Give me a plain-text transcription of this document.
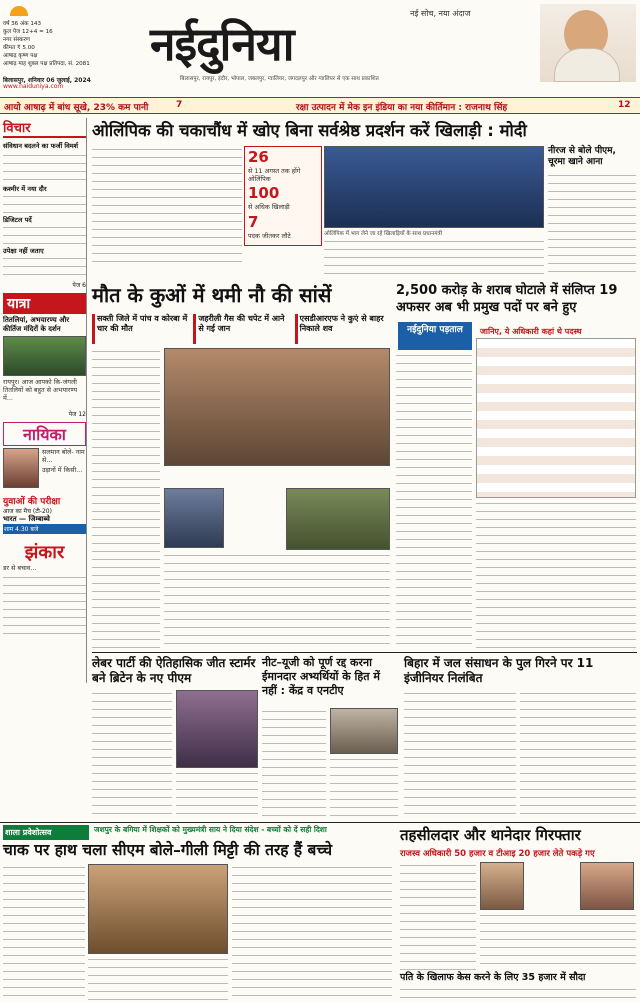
वर्ष 36 अंक 143
कुल पेज 12+4 = 16
नगर संस्करण
कीमत ₹ 5.00
आषाढ़ कृष्ण पक्ष
आषाढ़ माह शुक्ल पक्ष प्रतिपदा, सं. 2081
नई सोच, नया अंदाज
नईदुनिया
बिलासपुर, रायपुर, इंदौर, भोपाल, जबलपुर, ग्वालियर, जगदलपुर और ग्वालियर से एक साथ प्रकाशित
www.naiduniya.com
बिलासपुर, शनिवार 06 जुलाई, 2024
आयो आषाढ़ में बांध सूखे, 23% कम पानी	7	रक्षा उत्पादन में मेक इन इंडिया का नया कीर्तिमान : राजनाथ सिंह	12
विचार
संविधान बदलने का फर्जी विमर्श
कश्मीर में नया दौर
डिजिटल पर्दे
उपेक्षा नहीं जताए
पेज 6
यात्रा
तितलियां, अभयारण्य और कीर्तिज मंदिरों के दर्शन
रायपुर। आज आपको कि-जंगली तितलियों को बहुत से अभयारण्य में...
पेज 12
नायिका
सलमान बोले- नाम से...
उड़ानों में किसी...
युवाओं की परीक्षा
आज का मैच (टी-20)
भारत — जिम्बाब्वे
शाम 4.30 बजे
झंकार
डर से बचाव...
ओलिंपिक की चकाचौंध में खोए बिना सर्वश्रेष्ठ प्रदर्शन करें खिलाड़ी : मोदी
26
से 11 अगस्त तक होंगे ओलिंपिक
100
से अधिक खिलाड़ी
7
पदक जीतकर लौटे	ओलिंपिक में भाग लेने जा रहे खिलाड़ियों के साथ प्रधानमंत्री
नीरज से बोले पीएम, चूरमा खाने आना
मौत के कुओं में थमी नौ की सांसें
सक्ती जिले में पांच व कोरबा में चार की मौत
जहरीली गैस की चपेट में आने से गई जान
एसडीआरएफ ने कुएं से बाहर निकाले शव
2,500 करोड़ के शराब घोटाले में संलिप्त 19 अफसर अब भी प्रमुख पदों पर बने हुए
नईदुनिया पड़ताल	जानिए, ये अधिकारी कहां थे पदस्थ
लेबर पार्टी की ऐतिहासिक जीत स्टार्मर बने ब्रिटेन के नए पीएम
नीट–यूजी को पूर्ण रद्द करना ईमानदार अभ्यर्थियों के हित में नहीं : केंद्र व एनटीए
बिहार में जल संसाधन के पुल गिरने पर 11 इंजीनियर निलंबित
शाला प्रवेशोत्सव	जशपुर के बगिया में शिक्षकों को मुख्यमंत्री साय ने दिया संदेश - बच्चों को दें सही दिशा
चाक पर हाथ चला सीएम बोले–गीली मिट्टी की तरह हैं बच्चे
तहसीलदार और थानेदार गिरफ्तार
राजस्व अधिकारी 50 हजार व टीआइ 20 हजार लेते पकड़े गए
पति के खिलाफ केस करने के लिए 35 हजार में सौदा
